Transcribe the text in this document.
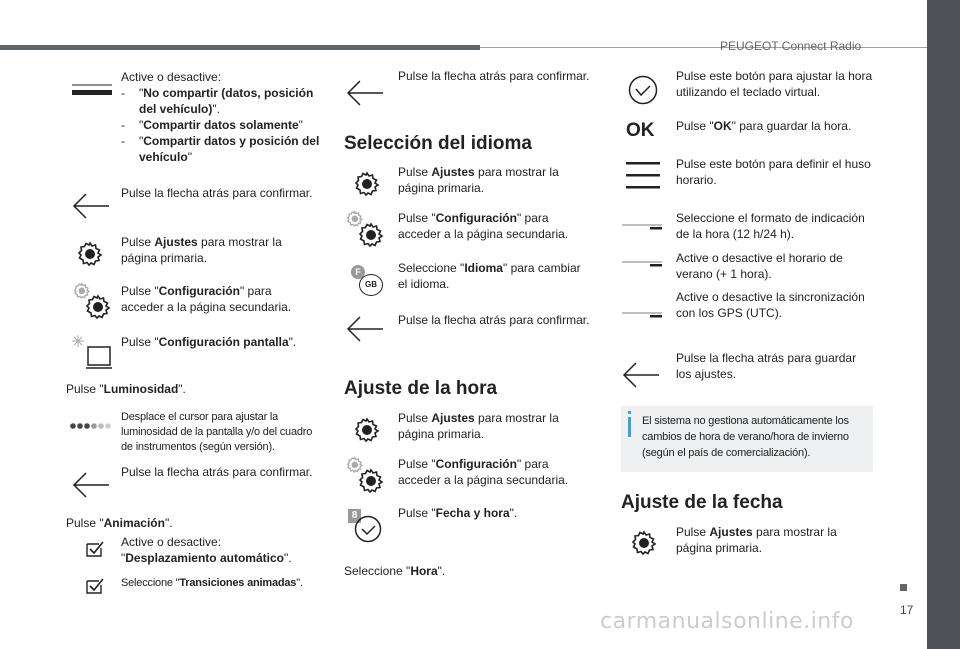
PEUGEOT Connect Radio
17
carmanualsonline.info
Active o desactive:
- "No compartir (datos, posición del vehículo)".
- "Compartir datos solamente"
- "Compartir datos y posición del vehículo"
Pulse la flecha atrás para confirmar.
Pulse Ajustes para mostrar la página primaria.
Pulse "Configuración" para acceder a la página secundaria.
Pulse "Configuración pantalla".
Pulse "Luminosidad".
Desplace el cursor para ajustar la luminosidad de la pantalla y/o del cuadro de instrumentos (según versión).
Pulse la flecha atrás para confirmar.
Pulse "Animación".
Active o desactive:
"Desplazamiento automático".
Seleccione "Transiciones animadas".
Pulse la flecha atrás para confirmar.
Selección del idioma
Pulse Ajustes para mostrar la página primaria.
Pulse "Configuración" para acceder a la página secundaria.
F
GB
Seleccione "Idioma" para cambiar el idioma.
Pulse la flecha atrás para confirmar.
Ajuste de la hora
Pulse Ajustes para mostrar la página primaria.
Pulse "Configuración" para acceder a la página secundaria.
8	Pulse "Fecha y hora".
Seleccione "Hora".
Pulse este botón para ajustar la hora utilizando el teclado virtual.
OK Pulse "OK" para guardar la hora.
Pulse este botón para definir el huso horario.
Seleccione el formato de indicación de la hora (12 h/24 h).
Active o desactive el horario de verano (+ 1 hora).
Active o desactive la sincronización con los GPS (UTC).
Pulse la flecha atrás para guardar los ajustes.
El sistema no gestiona automáticamente los cambios de hora de verano/hora de invierno (según el país de comercialización).
Ajuste de la fecha
Pulse Ajustes para mostrar la página primaria.
